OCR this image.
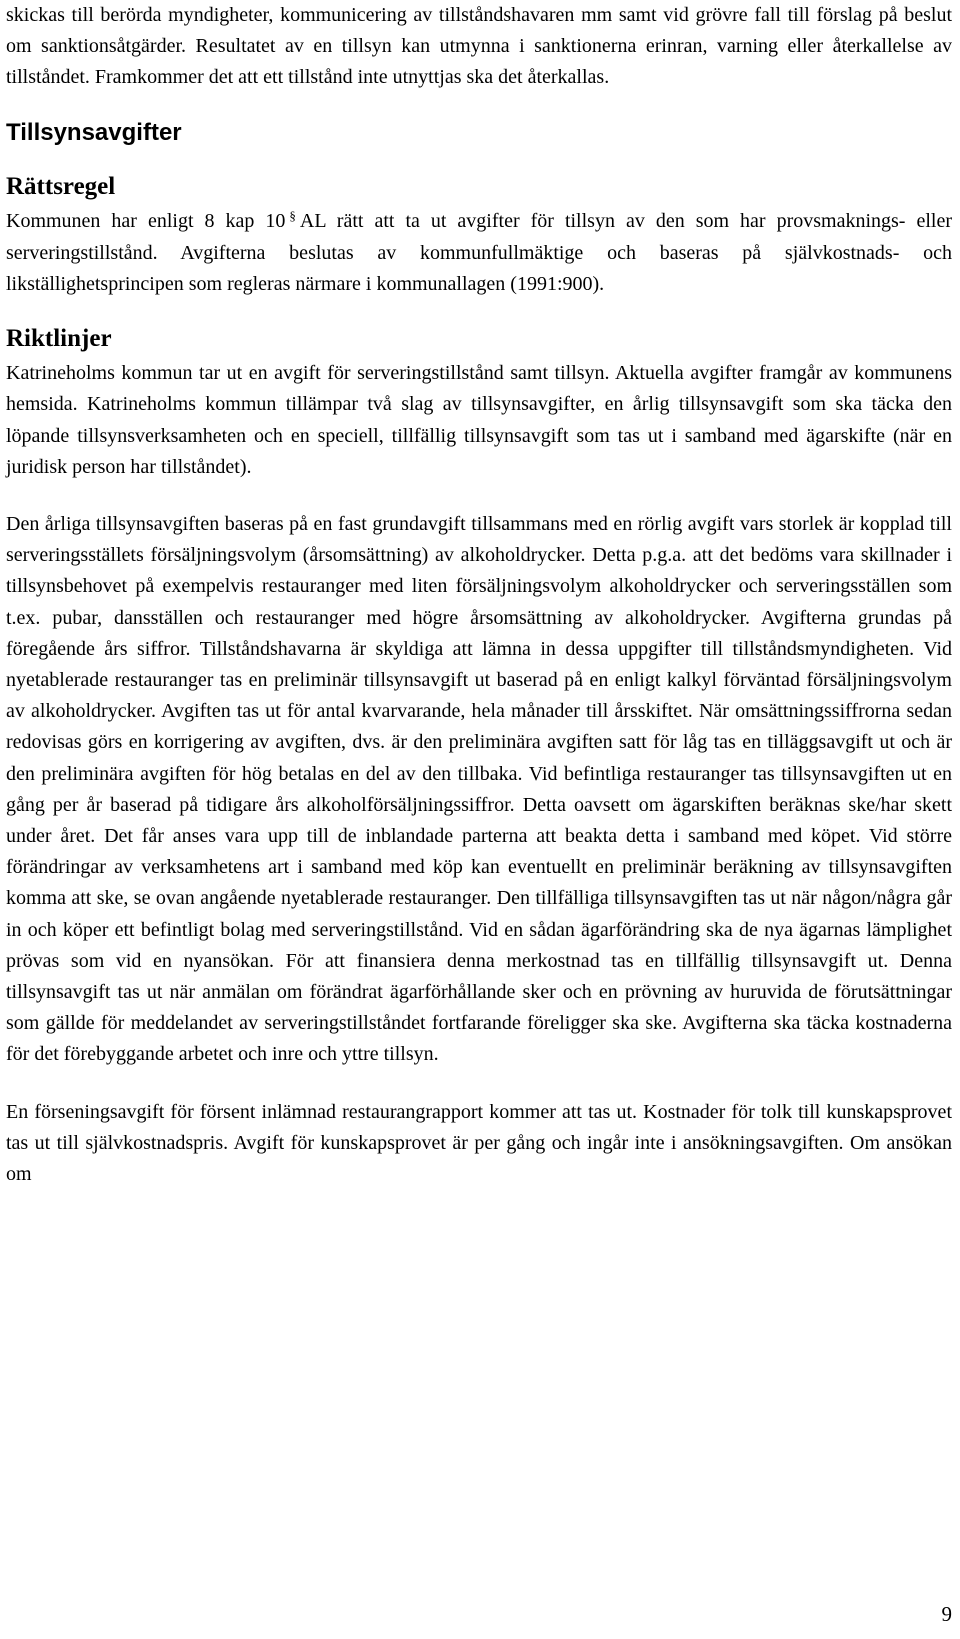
skickas till berörda myndigheter, kommunicering av tillståndshavaren mm samt vid grövre fall till förslag på beslut om sanktionsåtgärder. Resultatet av en tillsyn kan utmynna i sanktionerna erinran, varning eller återkallelse av tillståndet. Framkommer det att ett tillstånd inte utnyttjas ska det återkallas.

Tillsynsavgifter
Rättsregel

Kommunen har enligt 8 kap 10 § AL rätt att ta ut avgifter för tillsyn av den som har provsmaknings- eller serveringstillstånd. Avgifterna beslutas av kommunfullmäktige och baseras på självkostnads- och likställighetsprincipen som regleras närmare i kommunallagen (1991:900).

Riktlinjer

Katrineholms kommun tar ut en avgift för serveringstillstånd samt tillsyn. Aktuella avgifter framgår av kommunens hemsida. Katrineholms kommun tillämpar två slag av tillsynsavgifter, en årlig tillsynsavgift som ska täcka den löpande tillsynsverksamheten och en speciell, tillfällig tillsynsavgift som tas ut i samband med ägarskifte (när en juridisk person har tillståndet).

Den årliga tillsynsavgiften baseras på en fast grundavgift tillsammans med en rörlig avgift vars storlek är kopplad till serveringsställets försäljningsvolym (årsomsättning) av alkoholdrycker. Detta p.g.a. att det bedöms vara skillnader i tillsynsbehovet på exempelvis restauranger med liten försäljningsvolym alkoholdrycker och serveringsställen som t.ex. pubar, dansställen och restauranger med högre årsomsättning av alkoholdrycker. Avgifterna grundas på föregående års siffror. Tillståndshavarna är skyldiga att lämna in dessa uppgifter till tillståndsmyndigheten. Vid nyetablerade restauranger tas en preliminär tillsynsavgift ut baserad på en enligt kalkyl förväntad försäljningsvolym av alkoholdrycker. Avgiften tas ut för antal kvarvarande, hela månader till årsskiftet. När omsättningssiffrorna sedan redovisas görs en korrigering av avgiften, dvs. är den preliminära avgiften satt för låg tas en tilläggsavgift ut och är den preliminära avgiften för hög betalas en del av den tillbaka. Vid befintliga restauranger tas tillsynsavgiften ut en gång per år baserad på tidigare års alkoholförsäljningssiffror. Detta oavsett om ägarskiften beräknas ske/har skett under året. Det får anses vara upp till de inblandade parterna att beakta detta i samband med köpet. Vid större förändringar av verksamhetens art i samband med köp kan eventuellt en preliminär beräkning av tillsynsavgiften komma att ske, se ovan angående nyetablerade restauranger. Den tillfälliga tillsynsavgiften tas ut när någon/några går in och köper ett befintligt bolag med serveringstillstånd. Vid en sådan ägarförändring ska de nya ägarnas lämplighet prövas som vid en nyansökan. För att finansiera denna merkostnad tas en tillfällig tillsynsavgift ut. Denna tillsynsavgift tas ut när anmälan om förändrat ägarförhållande sker och en prövning av huruvida de förutsättningar som gällde för meddelandet av serveringstillståndet fortfarande föreligger ska ske. Avgifterna ska täcka kostnaderna för det förebyggande arbetet och inre och yttre tillsyn.

En förseningsavgift för försent inlämnad restaurangrapport kommer att tas ut. Kostnader för tolk till kunskapsprovet tas ut till självkostnadspris. Avgift för kunskapsprovet är per gång och ingår inte i ansökningsavgiften. Om ansökan om

9
